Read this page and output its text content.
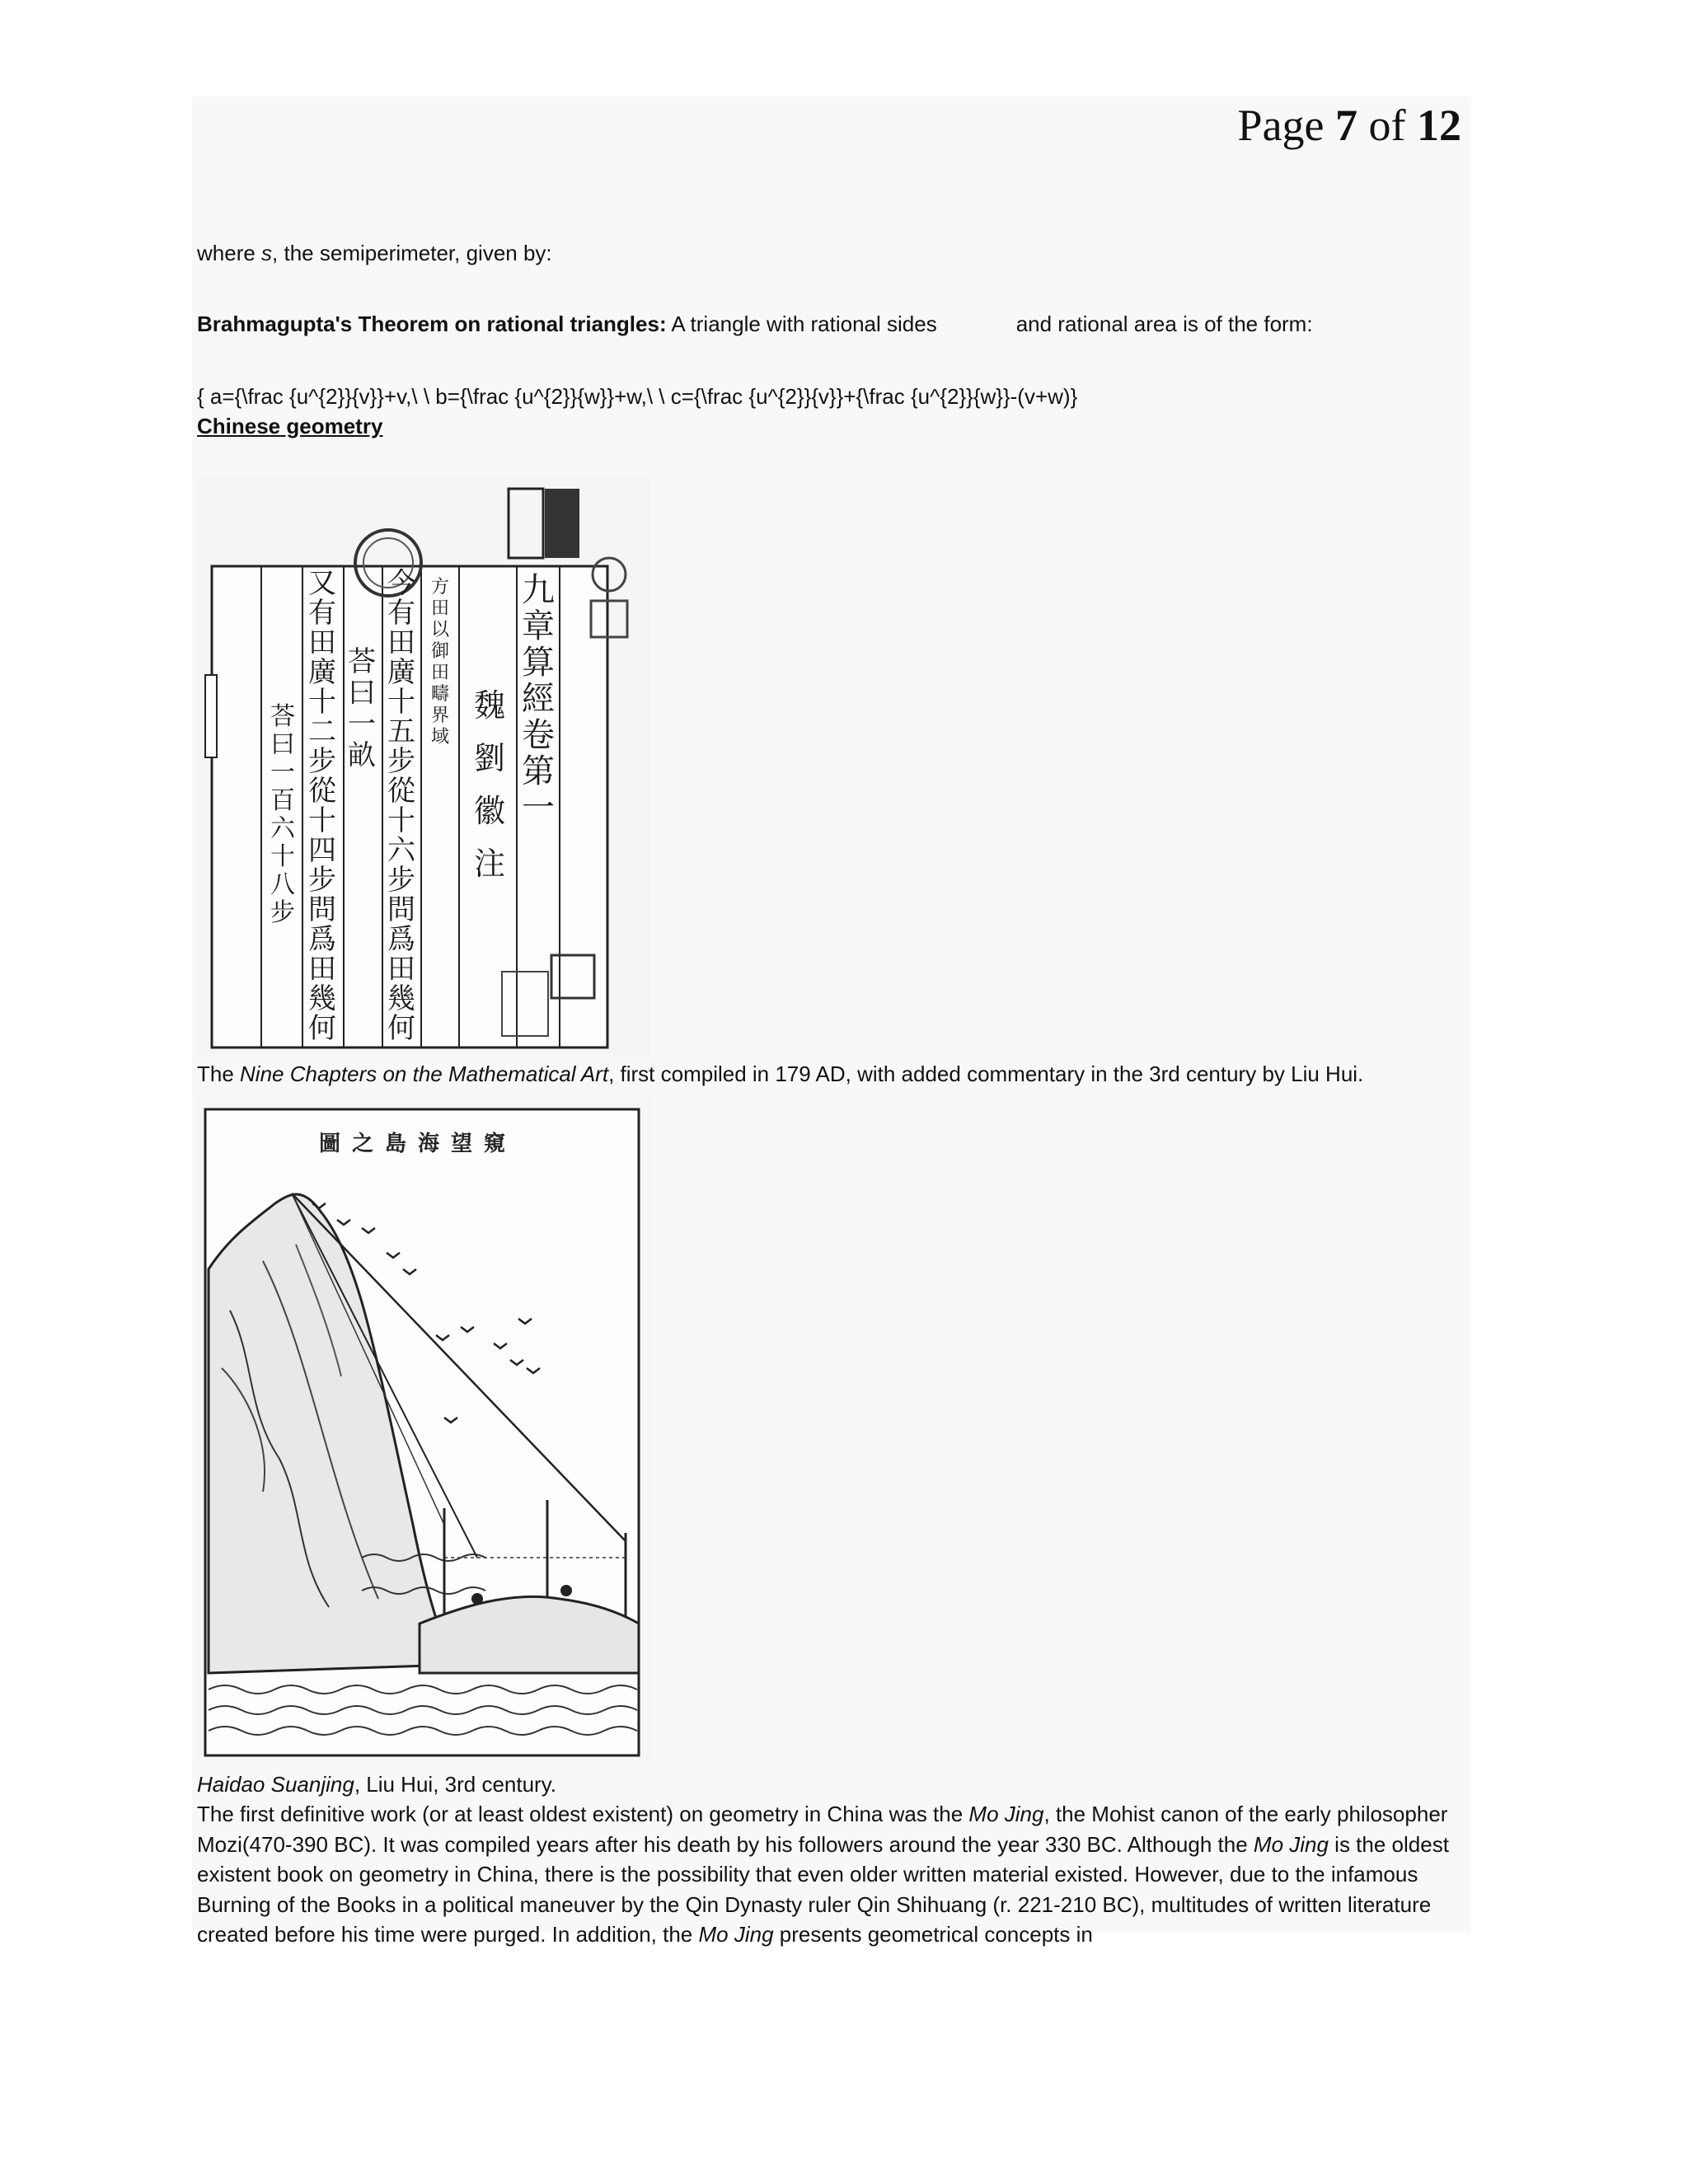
Page 7 of 12
where s, the semiperimeter, given by:
Brahmagupta's Theorem on rational triangles: A triangle with rational sides	and rational area is of the form:
{ a={\frac {u^{2}}{v}}+v,\ \ b={\frac {u^{2}}{w}}+w,\ \ c={\frac {u^{2}}{v}}+{\frac {u^{2}}{w}}-(v+w)}
Chinese geometry
九章算經卷第一
魏劉徽注
方田以御田疇界域
今有田廣十五步從十六步問爲田幾何
荅曰一畝
又有田廣十二步從十四步問爲田幾何
荅曰一百六十八步
The Nine Chapters on the Mathematical Art, first compiled in 179 AD, with added commentary in the 3rd century by Liu Hui.
圖之島海望窺
Haidao Suanjing, Liu Hui, 3rd century.
The first definitive work (or at least oldest existent) on geometry in China was the Mo Jing, the Mohist canon of the early philosopher Mozi(470-390 BC). It was compiled years after his death by his followers around the year 330 BC. Although the Mo Jing is the oldest existent book on geometry in China, there is the possibility that even older written material existed. However, due to the infamous Burning of the Books in a political maneuver by the Qin Dynasty ruler Qin Shihuang (r. 221-210 BC), multitudes of written literature created before his time were purged. In addition, the Mo Jing presents geometrical concepts in
